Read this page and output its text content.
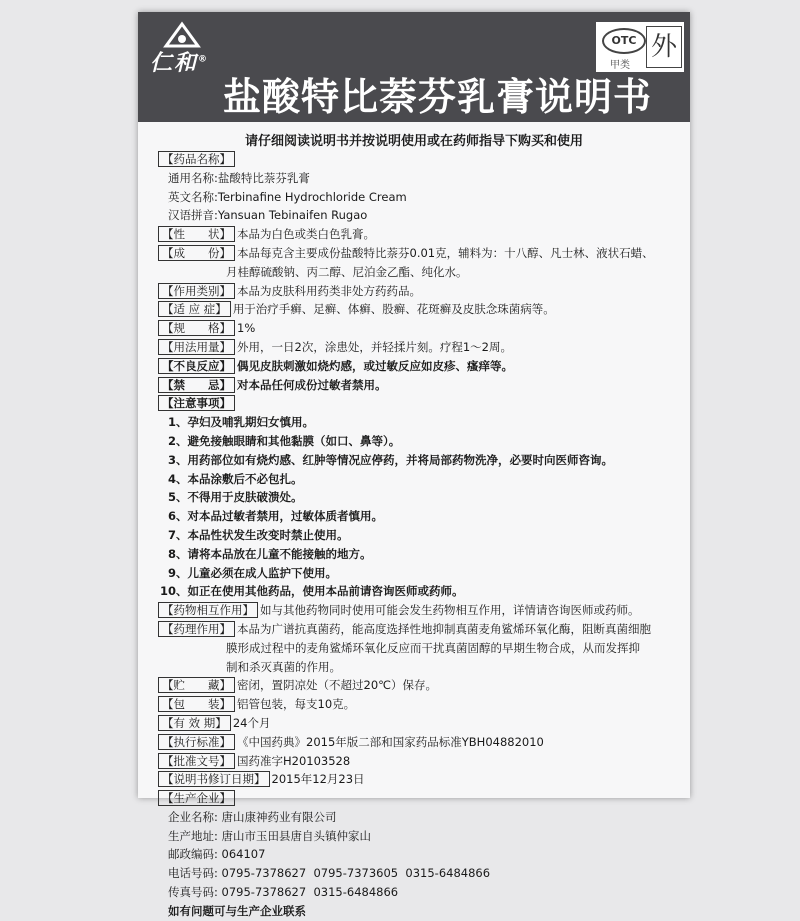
仁和®
盐酸特比萘芬乳膏说明书
OTC
甲类
外
请仔细阅读说明书并按说明使用或在药师指导下购买和使用
【药品名称】
通用名称:盐酸特比萘芬乳膏
英文名称:Terbinafine Hydrochloride Cream
汉语拼音:Yansuan Tebinaifen Rugao
【性　　状】 本品为白色或类白色乳膏。
【成　　份】 本品每克含主要成份盐酸特比萘芬0.01克，辅料为：十八醇、凡士林、液状石蜡、
月桂醇硫酸钠、丙二醇、尼泊金乙酯、纯化水。
【作用类别】 本品为皮肤科用药类非处方药药品。
【适 应 症】 用于治疗手癣、足癣、体癣、股癣、花斑癣及皮肤念珠菌病等。
【规　　格】 1%
【用法用量】 外用，一日2次，涂患处，并轻揉片刻。疗程1～2周。
【不良反应】 偶见皮肤刺激如烧灼感，或过敏反应如皮疹、瘙痒等。
【禁　　忌】 对本品任何成份过敏者禁用。
【注意事项】
1、孕妇及哺乳期妇女慎用。
2、避免接触眼睛和其他黏膜（如口、鼻等）。
3、用药部位如有烧灼感、红肿等情况应停药，并将局部药物洗净，必要时向医师咨询。
4、本品涂敷后不必包扎。
5、不得用于皮肤破溃处。
6、对本品过敏者禁用，过敏体质者慎用。
7、本品性状发生改变时禁止使用。
8、请将本品放在儿童不能接触的地方。
9、儿童必须在成人监护下使用。
10、如正在使用其他药品，使用本品前请咨询医师或药师。
【药物相互作用】 如与其他药物同时使用可能会发生药物相互作用，详情请咨询医师或药师。
【药理作用】 本品为广谱抗真菌药，能高度选择性地抑制真菌麦角鲨烯环氧化酶，阻断真菌细胞
膜形成过程中的麦角鲨烯环氧化反应而干扰真菌固醇的早期生物合成，从而发挥抑
制和杀灭真菌的作用。
【贮　　藏】 密闭，置阴凉处（不超过20℃）保存。
【包　　装】 铝管包装，每支10克。
【有 效 期】 24个月
【执行标准】 《中国药典》2015年版二部和国家药品标准YBH04882010
【批准文号】 国药准字H20103528
【说明书修订日期】 2015年12月23日
【生产企业】
企业名称: 唐山康神药业有限公司
生产地址: 唐山市玉田县唐自头镇仲家山
邮政编码: 064107
电话号码: 0795-7378627  0795-7373605  0315-6484866
传真号码: 0795-7378627  0315-6484866
如有问题可与生产企业联系
